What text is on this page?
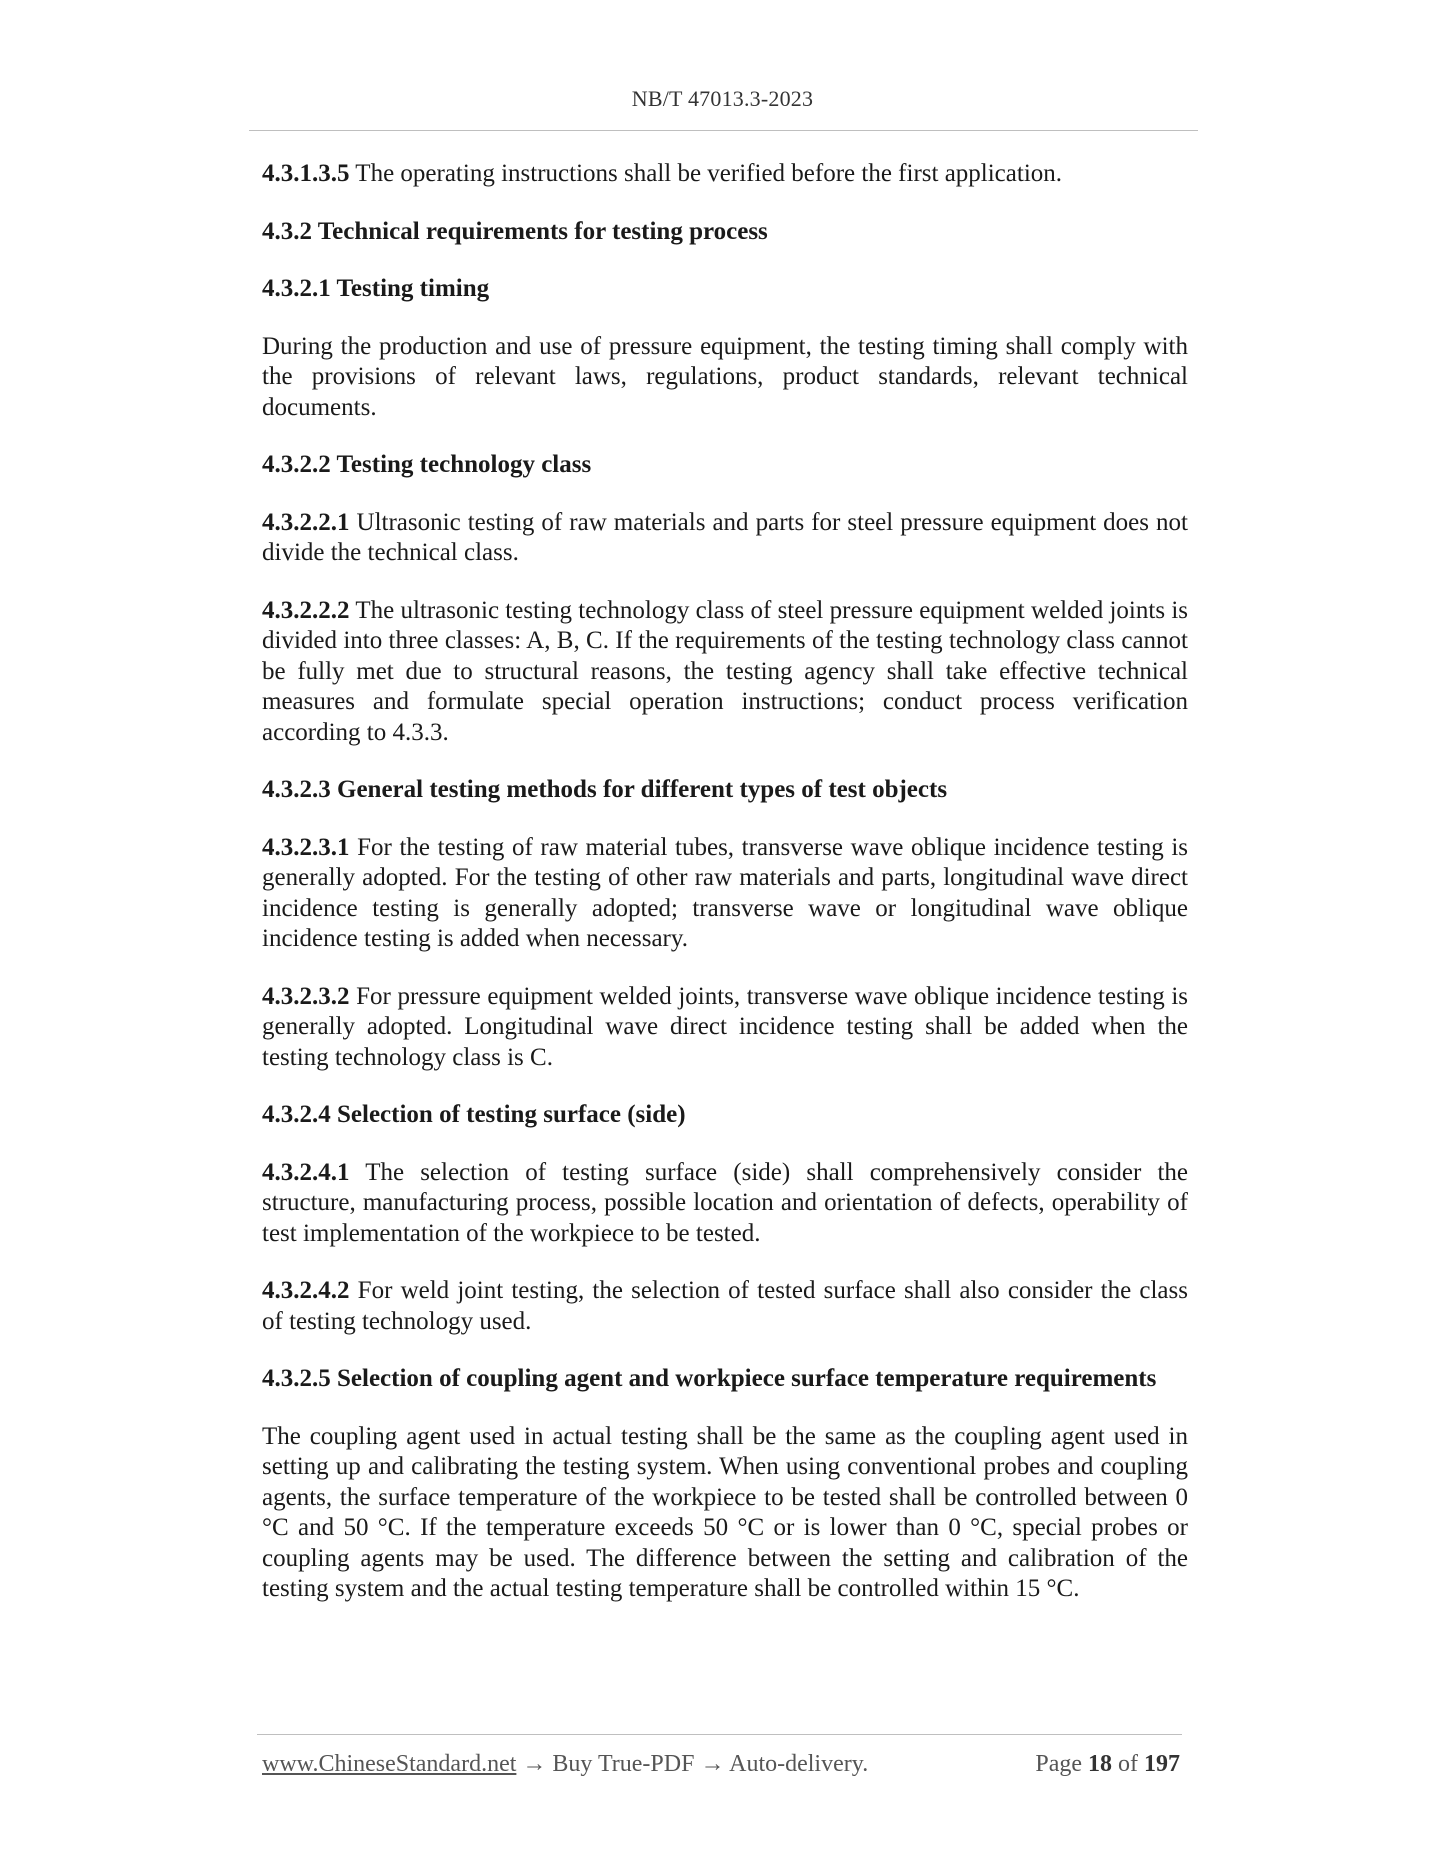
NB/T 47013.3-2023

4.3.1.3.5 The operating instructions shall be verified before the first application.

4.3.2 Technical requirements for testing process

4.3.2.1 Testing timing

During the production and use of pressure equipment, the testing timing shall comply with the provisions of relevant laws, regulations, product standards, relevant technical documents.

4.3.2.2 Testing technology class

4.3.2.2.1 Ultrasonic testing of raw materials and parts for steel pressure equipment does not divide the technical class.

4.3.2.2.2 The ultrasonic testing technology class of steel pressure equipment welded joints is divided into three classes: A, B, C. If the requirements of the testing technology class cannot be fully met due to structural reasons, the testing agency shall take effective technical measures and formulate special operation instructions; conduct process verification according to 4.3.3.

4.3.2.3 General testing methods for different types of test objects

4.3.2.3.1 For the testing of raw material tubes, transverse wave oblique incidence testing is generally adopted. For the testing of other raw materials and parts, longitudinal wave direct incidence testing is generally adopted; transverse wave or longitudinal wave oblique incidence testing is added when necessary.

4.3.2.3.2 For pressure equipment welded joints, transverse wave oblique incidence testing is generally adopted. Longitudinal wave direct incidence testing shall be added when the testing technology class is C.

4.3.2.4 Selection of testing surface (side)

4.3.2.4.1 The selection of testing surface (side) shall comprehensively consider the structure, manufacturing process, possible location and orientation of defects, operability of test implementation of the workpiece to be tested.

4.3.2.4.2 For weld joint testing, the selection of tested surface shall also consider the class of testing technology used.

4.3.2.5 Selection of coupling agent and workpiece surface temperature requirements

The coupling agent used in actual testing shall be the same as the coupling agent used in setting up and calibrating the testing system. When using conventional probes and coupling agents, the surface temperature of the workpiece to be tested shall be controlled between 0 °C and 50 °C. If the temperature exceeds 50 °C or is lower than 0 °C, special probes or coupling agents may be used. The difference between the setting and calibration of the testing system and the actual testing temperature shall be controlled within 15 °C.

www.ChineseStandard.net → Buy True-PDF → Auto-delivery.	Page 18 of 197
